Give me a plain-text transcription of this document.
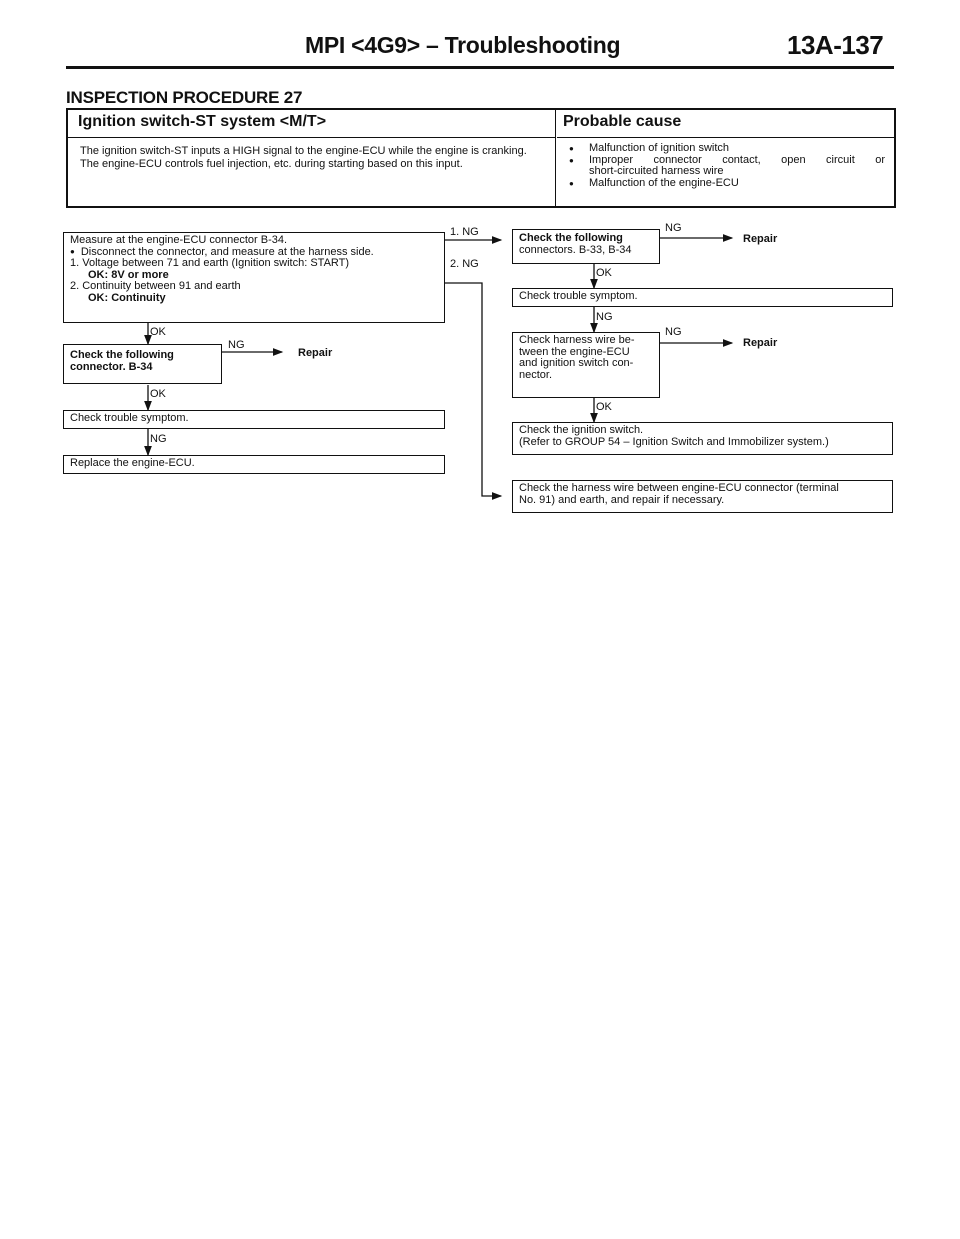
MPI <4G9> – Troubleshooting	13A-137
INSPECTION PROCEDURE 27
Ignition switch-ST system <M/T>
The ignition switch-ST inputs a HIGH signal to the engine-ECU while the engine is cranking.
The engine-ECU controls fuel injection, etc. during starting based on this input.
Probable cause
● Malfunction of ignition switch
● Improper connector contact, open circuit or
short-circuited harness wire
● Malfunction of the engine-ECU
Measure at the engine-ECU connector B-34.
● Disconnect the connector, and measure at the harness side.
1. Voltage between 71 and earth (Ignition switch: START)
OK: 8V or more
2. Continuity between 91 and earth
OK: Continuity
Check the following
connector. B-34
Check trouble symptom.
Replace the engine-ECU.
OK
NG
Repair
OK
NG
1. NG
2. NG
Check the following
connectors. B-33, B-34
NG
Repair
OK
Check trouble symptom.
NG
Check harness wire be-
tween the engine-ECU
and ignition switch con-
nector.
NG
Repair
OK
Check the ignition switch.
(Refer to GROUP 54 – Ignition Switch and Immobilizer system.)
Check the harness wire between engine-ECU connector (terminal
No. 91) and earth, and repair if necessary.
